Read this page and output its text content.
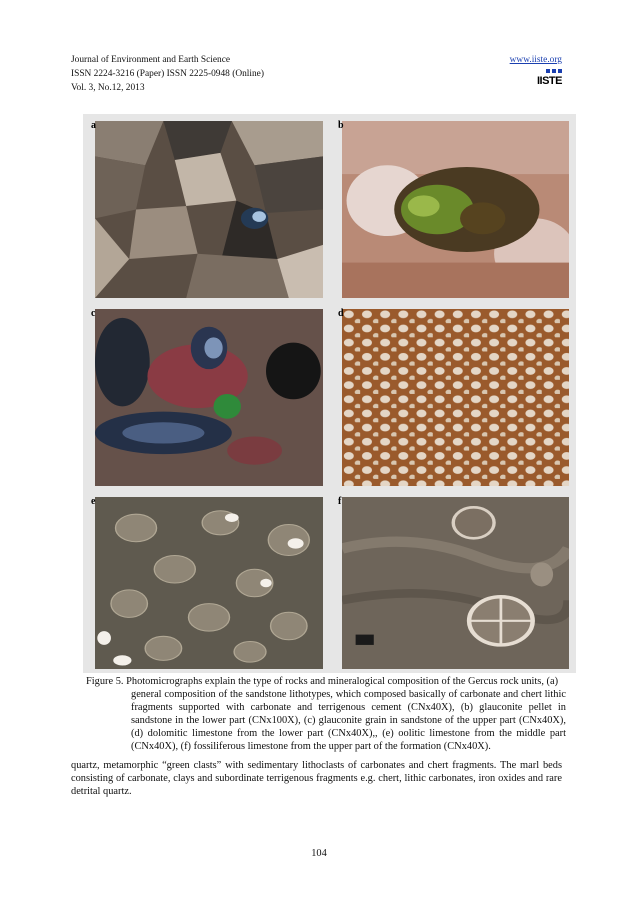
Journal of Environment and Earth Science
ISSN 2224-3216 (Paper) ISSN 2225-0948 (Online)
Vol. 3, No.12, 2013
www.iiste.org
IISTE
a	b
c	d
e	f
Figure 5. Photomicrographs explain the type of rocks and mineralogical composition of the Gercus rock units, (a)
general composition of the sandstone lithotypes, which composed basically of carbonate and chert lithic fragments supported with carbonate and terrigenous cement (CNx40X), (b) glauconite pellet in sandstone in the lower part (CNx100X), (c) glauconite grain in sandstone of the upper part (CNx40X), (d) dolomitic limestone from the lower part (CNx40X),, (e) oolitic limestone from the middle part (CNx40X), (f) fossiliferous limestone from the upper part of the formation (CNx40X).
quartz, metamorphic “green clasts” with sedimentary lithoclasts of carbonates and chert fragments. The marl beds consisting of carbonate, clays and subordinate terrigenous fragments e.g. chert, lithic carbonates, iron oxides and rare detrital quartz.
104
